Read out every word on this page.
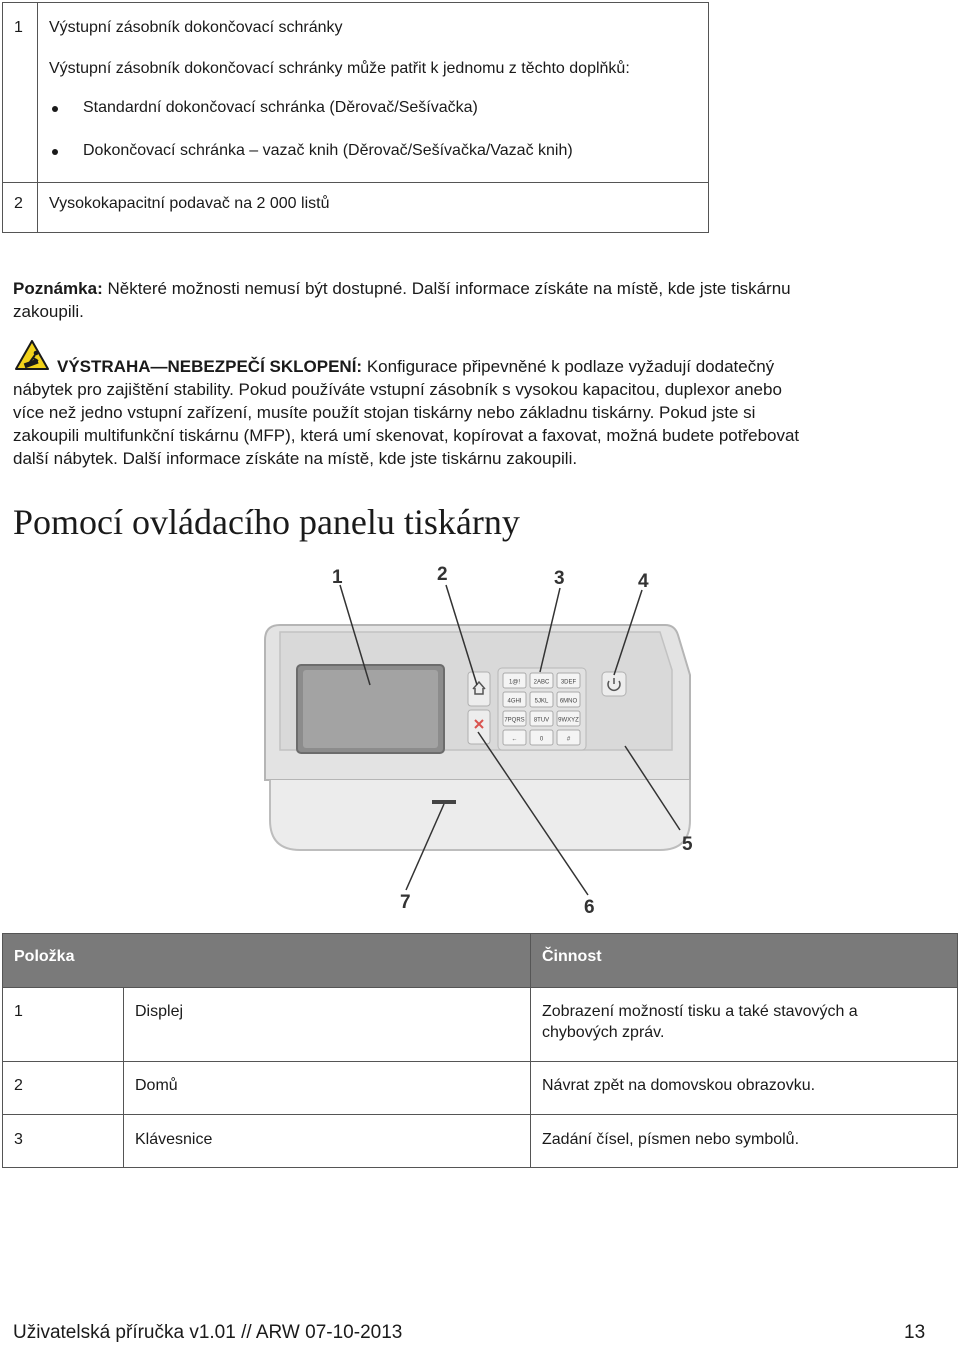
1 Výstupní zásobník dokončovací schránky
Výstupní zásobník dokončovací schránky může patřit k jednomu z těchto doplňků:
Standardní dokončovací schránka (Děrovač/Sešívačka)
Dokončovací schránka – vazač knih (Děrovač/Sešívačka/Vazač knih)
2 Vysokokapacitní podavač na 2 000 listů
Poznámka: Některé možnosti nemusí být dostupné. Další informace získáte na místě, kde jste tiskárnu
zakoupili.
VÝSTRAHA—NEBEZPEČÍ SKLOPENÍ: Konfigurace připevněné k podlaze vyžadují dodatečný
nábytek pro zajištění stability. Pokud používáte vstupní zásobník s vysokou kapacitou, duplexor anebo
více než jedno vstupní zařízení, musíte použít stojan tiskárny nebo základnu tiskárny. Pokud jste si
zakoupili multifunkční tiskárnu (MFP), která umí skenovat, kopírovat a faxovat, možná budete potřebovat
další nábytek. Další informace získáte na místě, kde jste tiskárnu zakoupili.
Pomocí ovládacího panelu tiskárny
1@! 2ABC 3DEF
4GHI 5JKL 6MNO
7PQRS 8TUV 9WXYZ
←	0	#
1	2	3	4
5
6
7
Položka	Činnost
1	Displej	Zobrazení možností tisku a také stavových a
chybových zpráv.
2	Domů	Návrat zpět na domovskou obrazovku.
3	Klávesnice	Zadání čísel, písmen nebo symbolů.
Uživatelská příručka v1.01 // ARW 07-10-2013	13
